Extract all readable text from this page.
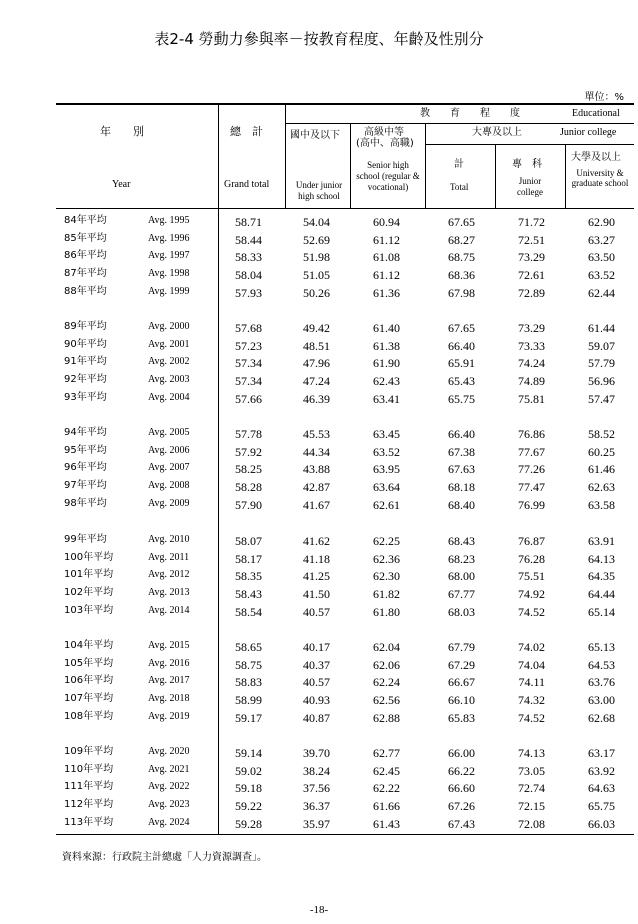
表2-4 勞動力參與率－按教育程度、年齡及性別分
單位：%
年　　別
Year
總　計
Grand total
教　　育　　程　　度	Educational
國中及以下
Under junior high school
高級中等
(高中、高職)
Senior high school (regular & vocational)
大專及以上	Junior college
計
Total
專　科
Junior college
大學及以上
University & graduate school
84年平均	Avg. 1995	58.71	54.04	60.94	67.65	71.72	62.90
85年平均	Avg. 1996	58.44	52.69	61.12	68.27	72.51	63.27
86年平均	Avg. 1997	58.33	51.98	61.08	68.75	73.29	63.50
87年平均	Avg. 1998	58.04	51.05	61.12	68.36	72.61	63.52
88年平均	Avg. 1999	57.93	50.26	61.36	67.98	72.89	62.44
89年平均	Avg. 2000	57.68	49.42	61.40	67.65	73.29	61.44
90年平均	Avg. 2001	57.23	48.51	61.38	66.40	73.33	59.07
91年平均	Avg. 2002	57.34	47.96	61.90	65.91	74.24	57.79
92年平均	Avg. 2003	57.34	47.24	62.43	65.43	74.89	56.96
93年平均	Avg. 2004	57.66	46.39	63.41	65.75	75.81	57.47
94年平均	Avg. 2005	57.78	45.53	63.45	66.40	76.86	58.52
95年平均	Avg. 2006	57.92	44.34	63.52	67.38	77.67	60.25
96年平均	Avg. 2007	58.25	43.88	63.95	67.63	77.26	61.46
97年平均	Avg. 2008	58.28	42.87	63.64	68.18	77.47	62.63
98年平均	Avg. 2009	57.90	41.67	62.61	68.40	76.99	63.58
99年平均	Avg. 2010	58.07	41.62	62.25	68.43	76.87	63.91
100年平均	Avg. 2011	58.17	41.18	62.36	68.23	76.28	64.13
101年平均	Avg. 2012	58.35	41.25	62.30	68.00	75.51	64.35
102年平均	Avg. 2013	58.43	41.50	61.82	67.77	74.92	64.44
103年平均	Avg. 2014	58.54	40.57	61.80	68.03	74.52	65.14
104年平均	Avg. 2015	58.65	40.17	62.04	67.79	74.02	65.13
105年平均	Avg. 2016	58.75	40.37	62.06	67.29	74.04	64.53
106年平均	Avg. 2017	58.83	40.57	62.24	66.67	74.11	63.76
107年平均	Avg. 2018	58.99	40.93	62.56	66.10	74.32	63.00
108年平均	Avg. 2019	59.17	40.87	62.88	65.83	74.52	62.68
109年平均	Avg. 2020	59.14	39.70	62.77	66.00	74.13	63.17
110年平均	Avg. 2021	59.02	38.24	62.45	66.22	73.05	63.92
111年平均	Avg. 2022	59.18	37.56	62.22	66.60	72.74	64.63
112年平均	Avg. 2023	59.22	36.37	61.66	67.26	72.15	65.75
113年平均	Avg. 2024	59.28	35.97	61.43	67.43	72.08	66.03
資料來源：行政院主計總處「人力資源調查」。
-18-
